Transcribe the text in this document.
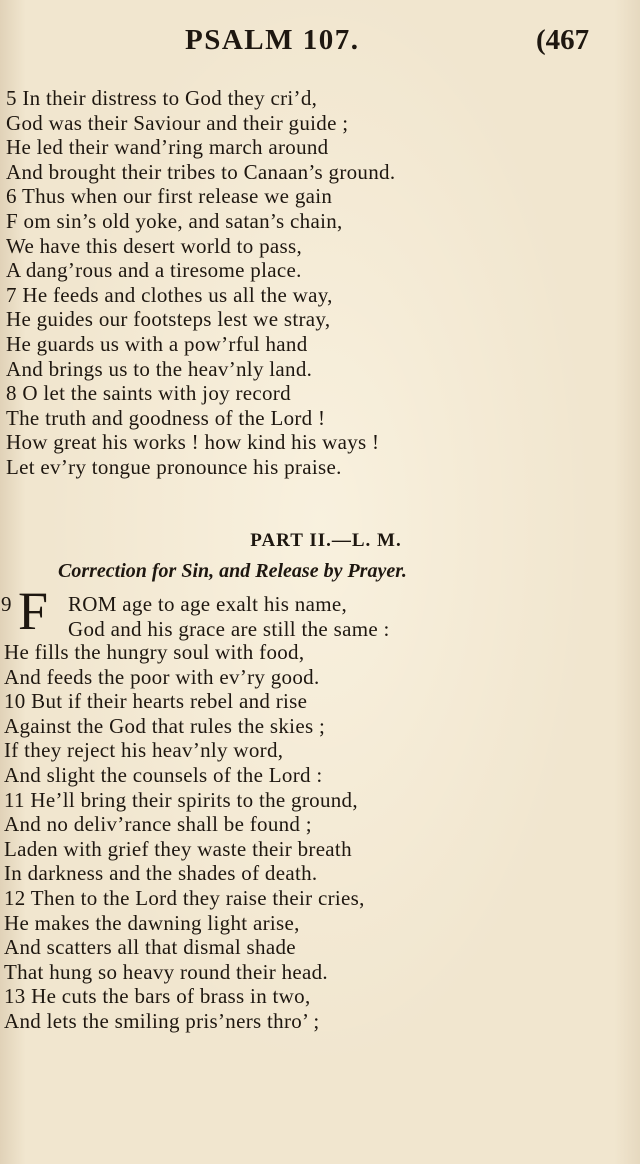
PSALM 107.	(467
5 In their distress to God they cri’d,
God was their Saviour and their guide ;
He led their wand’ring march around
And brought their tribes to Canaan’s ground.
6 Thus when our first release we gain
F om sin’s old yoke, and satan’s chain,
We have this desert world to pass,
A dang’rous and a tiresome place.
7 He feeds and clothes us all the way,
He guides our footsteps lest we stray,
He guards us with a pow’rful hand
And brings us to the heav’nly land.
8 O let the saints with joy record
The truth and goodness of the Lord !
How great his works ! how kind his ways !
Let ev’ry tongue pronounce his praise.
PART II.—L. M.
Correction for Sin, and Release by Prayer.
9 F ROM age to age exalt his name,
God and his grace are still the same :
He fills the hungry soul with food,
And feeds the poor with ev’ry good.
10 But if their hearts rebel and rise
Against the God that rules the skies ;
If they reject his heav’nly word,
And slight the counsels of the Lord :
11 He’ll bring their spirits to the ground,
And no deliv’rance shall be found ;
Laden with grief they waste their breath
In darkness and the shades of death.
12 Then to the Lord they raise their cries,
He makes the dawning light arise,
And scatters all that dismal shade
That hung so heavy round their head.
13 He cuts the bars of brass in two,
And lets the smiling pris’ners thro’ ;
